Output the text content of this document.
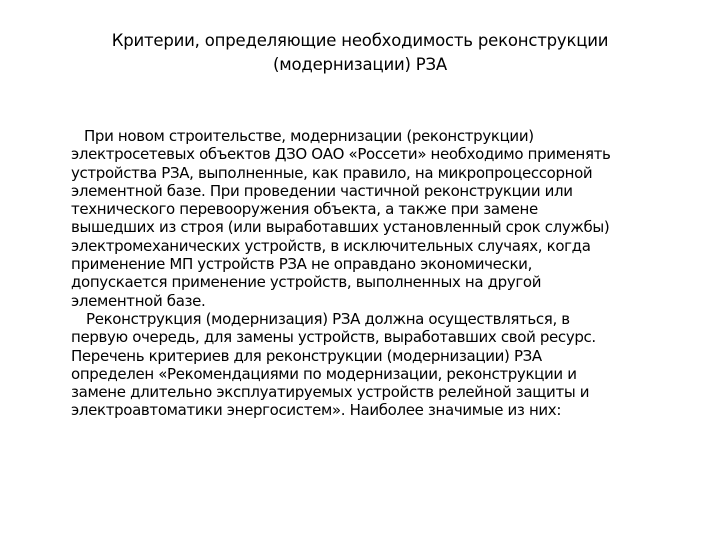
Критерии, определяющие необходимость реконструкции
(модернизации) РЗА
При новом строительстве, модернизации (реконструкции)
электросетевых объектов ДЗО ОАО «Россети» необходимо применять
устройства РЗА, выполненные, как правило, на микропроцессорной
элементной базе. При проведении частичной реконструкции или
технического перевооружения объекта, а также при замене
вышедших из строя (или выработавших установленный срок службы)
электромеханических устройств, в исключительных случаях, когда
применение МП устройств РЗА не оправдано экономически,
допускается применение устройств, выполненных на другой
элементной базе.
Реконструкция (модернизация) РЗА должна осуществляться, в
первую очередь, для замены устройств, выработавших свой ресурс.
Перечень критериев для реконструкции (модернизации) РЗА
определен «Рекомендациями по модернизации, реконструкции и
замене длительно эксплуатируемых устройств релейной защиты и
электроавтоматики энергосистем». Наиболее значимые из них:
